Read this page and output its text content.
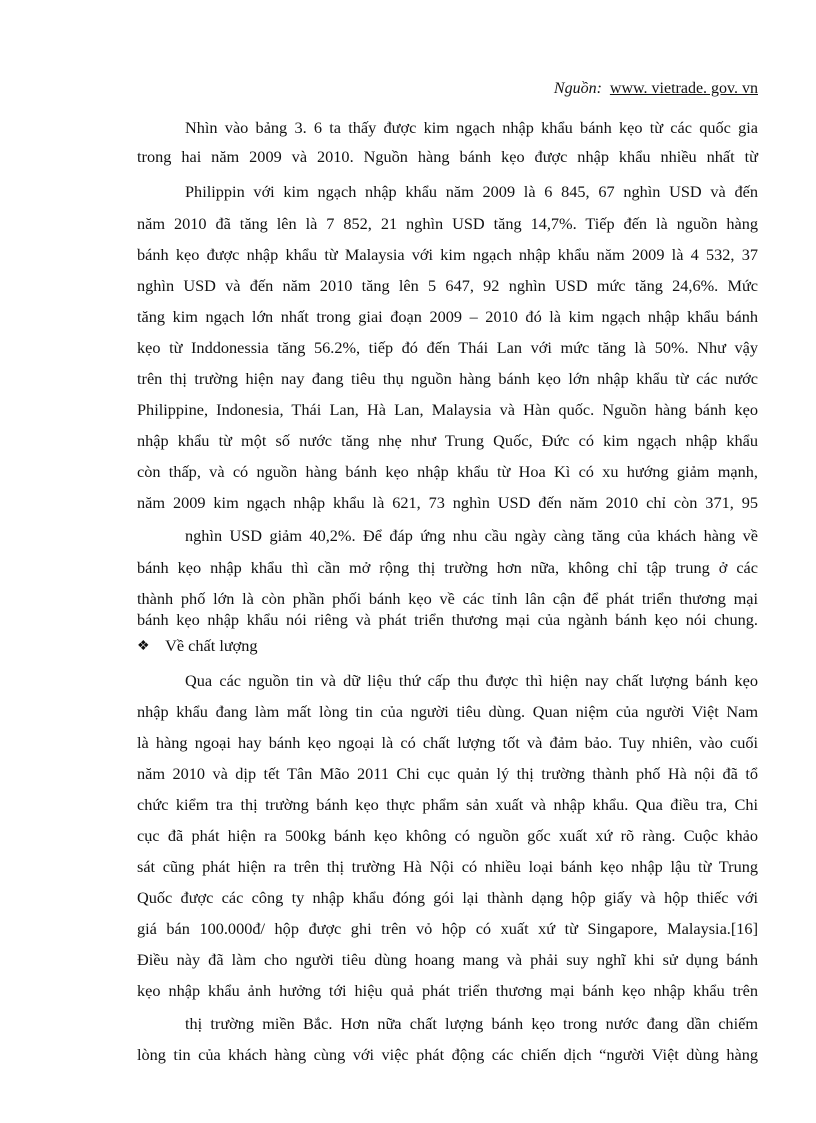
Nguồn: www. vietrade. gov. vn
Nhìn vào bảng 3. 6 ta thấy được kim ngạch nhập khẩu bánh kẹo từ các quốc gia
trong hai năm 2009 và 2010. Nguồn hàng bánh kẹo được nhập khẩu nhiều nhất từ
Philippin với kim ngạch nhập khẩu năm 2009 là 6 845, 67 nghìn USD và đến
năm 2010 đã tăng lên là 7 852, 21 nghìn USD tăng 14,7%. Tiếp đến là nguồn hàng
bánh kẹo được nhập khẩu từ Malaysia với kim ngạch nhập khẩu năm 2009 là 4 532, 37
nghìn USD và đến năm 2010 tăng lên 5 647, 92 nghìn USD mức tăng 24,6%. Mức
tăng kim ngạch lớn nhất trong giai đoạn 2009 – 2010 đó là kim ngạch nhập khẩu bánh
kẹo từ Inddonessia tăng 56.2%, tiếp đó đến Thái Lan với mức tăng là 50%. Như vậy
trên thị trường hiện nay đang tiêu thụ nguồn hàng bánh kẹo lớn nhập khẩu từ các nước
Philippine, Indonesia, Thái Lan, Hà Lan, Malaysia và Hàn quốc. Nguồn hàng bánh kẹo
nhập khẩu từ một số nước tăng nhẹ như Trung Quốc, Đức có kim ngạch nhập khẩu
còn thấp, và có nguồn hàng bánh kẹo nhập khẩu từ Hoa Kì có xu hướng giảm mạnh,
năm 2009 kim ngạch nhập khẩu là 621, 73 nghìn USD đến năm 2010 chỉ còn 371, 95
nghìn USD giảm 40,2%. Để đáp ứng nhu cầu ngày càng tăng của khách hàng về
bánh kẹo nhập khẩu thì cần mở rộng thị trường hơn nữa, không chỉ tập trung ở các
thành phố lớn là còn phần phối bánh kẹo về các tỉnh lân cận để phát triển thương mại
bánh kẹo nhập khẩu nói riêng và phát triển thương mại của ngành bánh kẹo nói chung.
❖ Về chất lượng
Qua các nguồn tin và dữ liệu thứ cấp thu được thì hiện nay chất lượng bánh kẹo
nhập khẩu đang làm mất lòng tin của người tiêu dùng. Quan niệm của người Việt Nam
là hàng ngoại hay bánh kẹo ngoại là có chất lượng tốt và đảm bảo. Tuy nhiên, vào cuối
năm 2010 và dịp tết Tân Mão 2011 Chi cục quản lý thị trường thành phố Hà nội đã tổ
chức kiểm tra thị trường bánh kẹo thực phẩm sản xuất và nhập khẩu. Qua điều tra, Chi
cục đã phát hiện ra 500kg bánh kẹo không có nguồn gốc xuất xứ rõ ràng. Cuộc khảo
sát cũng phát hiện ra trên thị trường Hà Nội có nhiều loại bánh kẹo nhập lậu từ Trung
Quốc được các công ty nhập khẩu đóng gói lại thành dạng hộp giấy và hộp thiếc với
giá bán 100.000đ/ hộp được ghi trên vỏ hộp có xuất xứ từ Singapore, Malaysia.[16]
Điều này đã làm cho người tiêu dùng hoang mang và phải suy nghĩ khi sử dụng bánh
kẹo nhập khẩu ảnh hưởng tới hiệu quả phát triển thương mại bánh kẹo nhập khẩu trên
thị trường miền Bắc. Hơn nữa chất lượng bánh kẹo trong nước đang dần chiếm
lòng tin của khách hàng cùng với việc phát động các chiến dịch “người Việt dùng hàng
